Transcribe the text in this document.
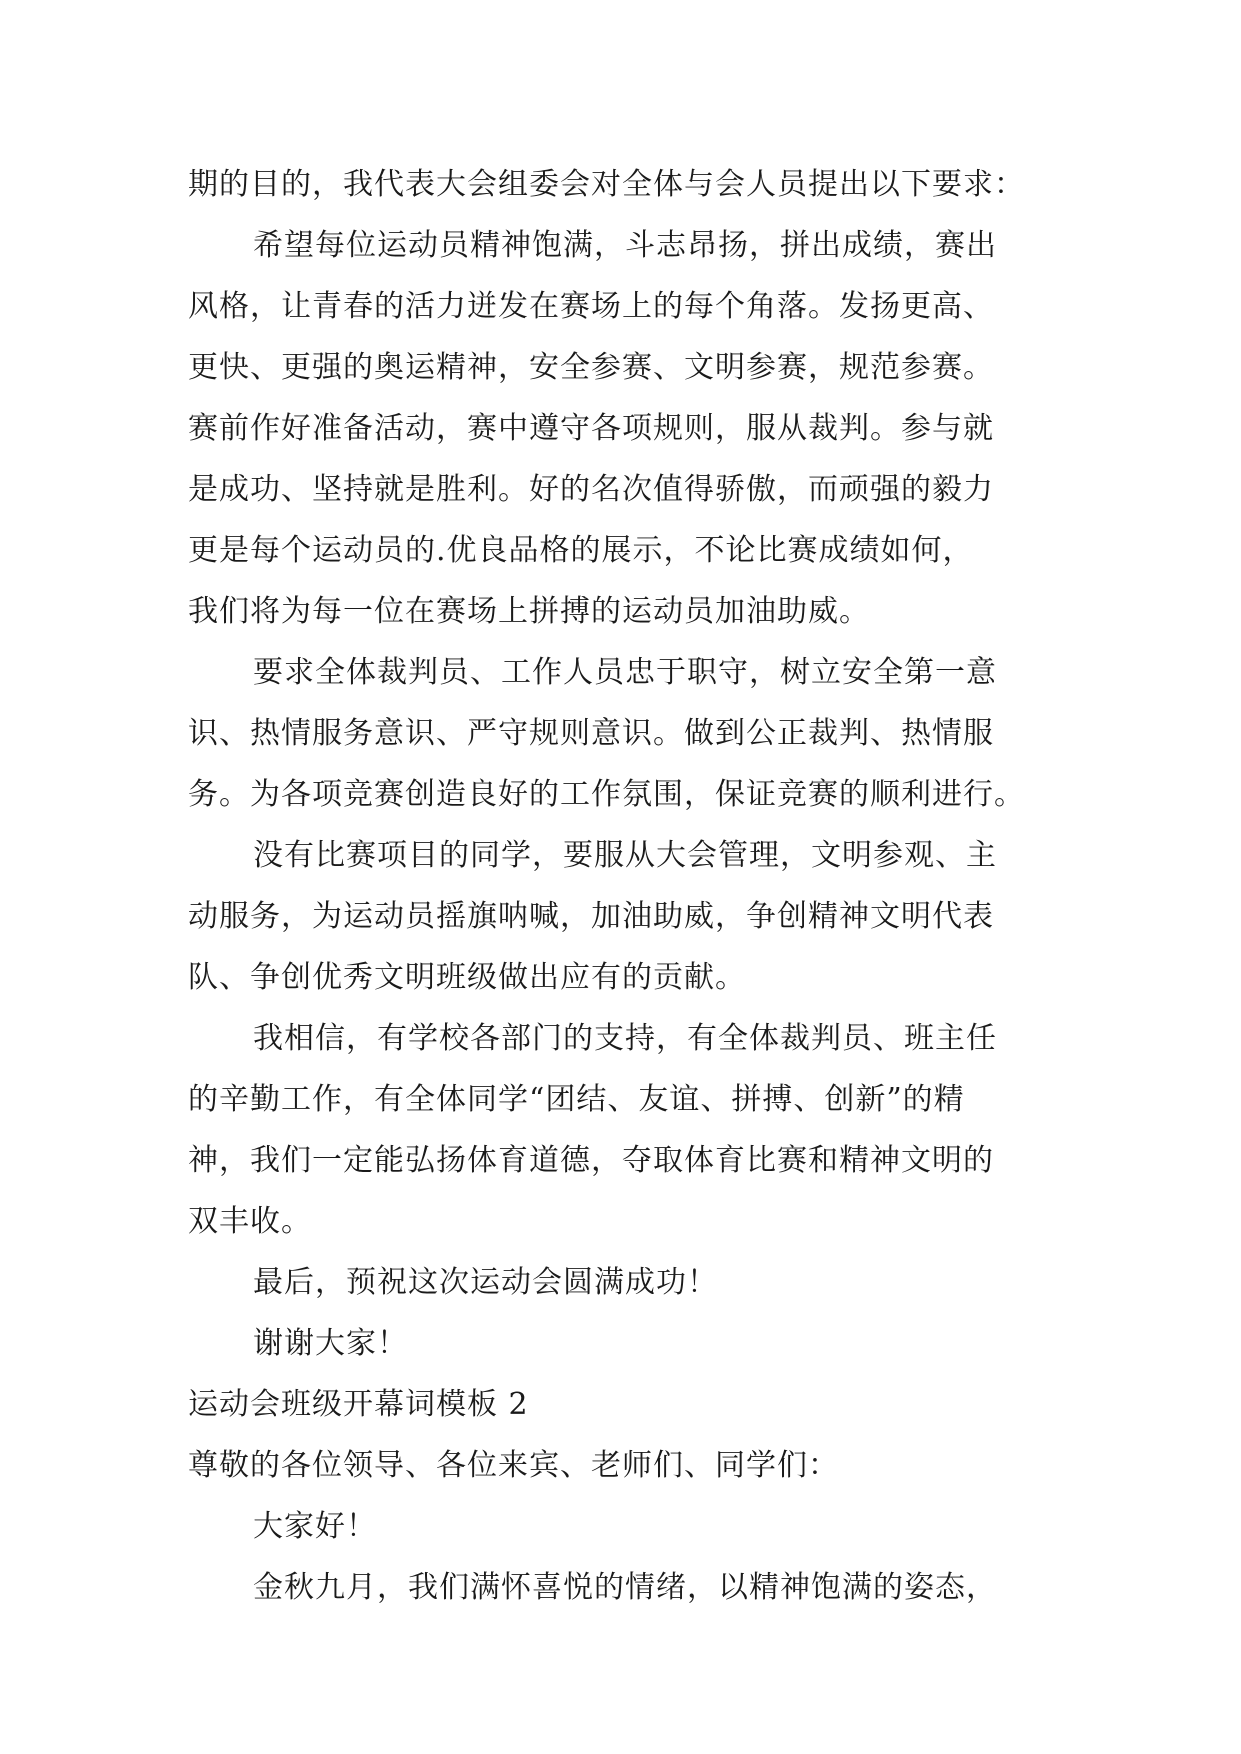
期的目的，我代表大会组委会对全体与会人员提出以下要求：
希望每位运动员精神饱满，斗志昂扬，拼出成绩，赛出
风格，让青春的活力迸发在赛场上的每个角落。发扬更高、
更快、更强的奥运精神，安全参赛、文明参赛，规范参赛。
赛前作好准备活动，赛中遵守各项规则，服从裁判。参与就
是成功、坚持就是胜利。好的名次值得骄傲，而顽强的毅力
更是每个运动员的.优良品格的展示，不论比赛成绩如何，
我们将为每一位在赛场上拼搏的运动员加油助威。
要求全体裁判员、工作人员忠于职守，树立安全第一意
识、热情服务意识、严守规则意识。做到公正裁判、热情服
务。为各项竞赛创造良好的工作氛围，保证竞赛的顺利进行。
没有比赛项目的同学，要服从大会管理，文明参观、主
动服务，为运动员摇旗呐喊，加油助威，争创精神文明代表
队、争创优秀文明班级做出应有的贡献。
我相信，有学校各部门的支持，有全体裁判员、班主任
的辛勤工作，有全体同学“团结、友谊、拼搏、创新”的精
神，我们一定能弘扬体育道德，夺取体育比赛和精神文明的
双丰收。
最后，预祝这次运动会圆满成功！
谢谢大家！
运动会班级开幕词模板 2
尊敬的各位领导、各位来宾、老师们、同学们：
大家好！
金秋九月，我们满怀喜悦的情绪，以精神饱满的姿态，
